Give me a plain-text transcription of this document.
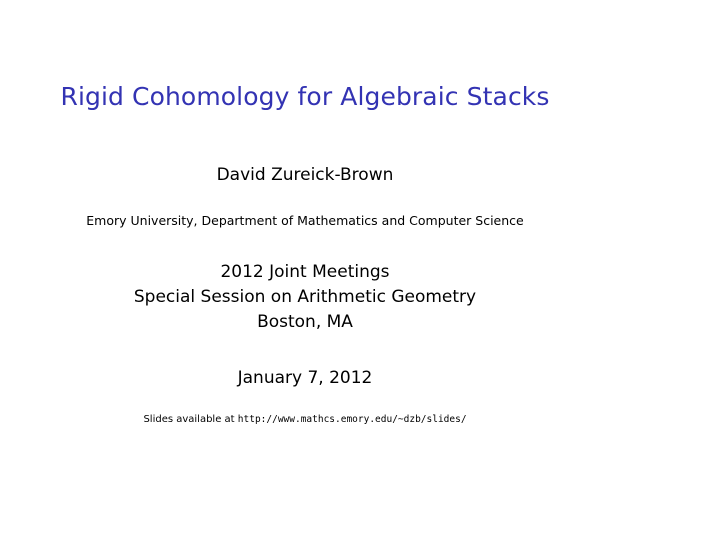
Rigid Cohomology for Algebraic Stacks
David Zureick-Brown
Emory University, Department of Mathematics and Computer Science
2012 Joint Meetings
Special Session on Arithmetic Geometry
Boston, MA
January 7, 2012
Slides available at http://www.mathcs.emory.edu/~dzb/slides/
